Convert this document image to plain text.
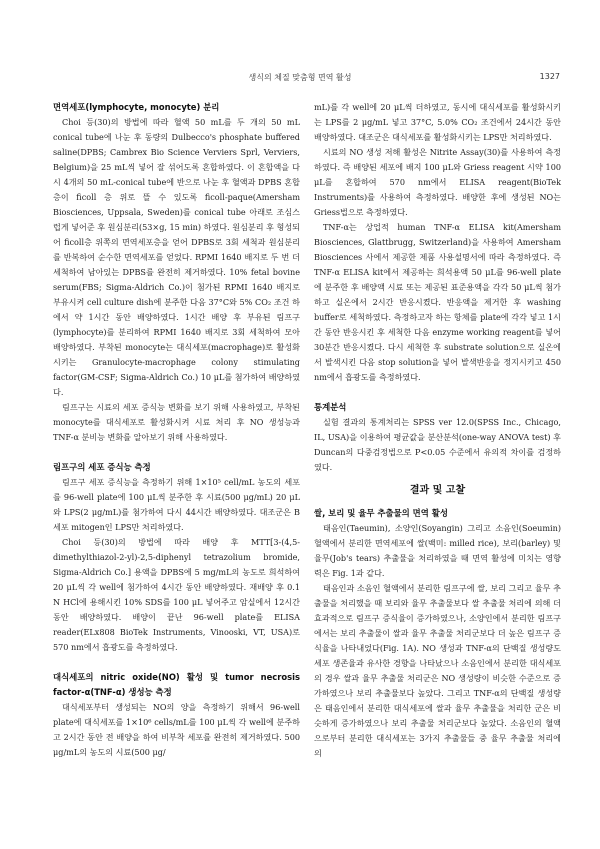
생식의 체질 맞춤형 면역 활성	1327
면역세포(lymphocyte, monocyte) 분리

Choi 등(30)의 방법에 따라 혈액 50 mL를 두 개의 50 mL conical tube에 나눈 후 동량의 Dulbecco's phosphate buffered saline(DPBS; Cambrex Bio Science Verviers Sprl, Verviers, Belgium)을 25 mL씩 넣어 잘 섞어도록 혼합하였다. 이 혼합액을 다시 4개의 50 mL-conical tube에 반으로 나눈 후 혈액과 DPBS 혼합층이 ficoll 층 위로 뜰 수 있도록 ficoll-paque(Amersham Biosciences, Uppsala, Sweden)를 conical tube 아래로 조심스럽게 넣어준 후 원심분리(53×g, 15 min) 하였다. 원심분리 후 형성되어 ficoll층 위쪽의 면역세포층을 얻어 DPBS로 3회 세척과 원심분리를 반복하여 순수한 면역세포를 얻었다. RPMI 1640 배지로 두 번 더 세척하여 남아있는 DPBS를 완전히 제거하였다. 10% fetal bovine serum(FBS; Sigma-Aldrich Co.)이 첨가된 RPMI 1640 배지로 부유시켜 cell culture dish에 분주한 다음 37°C와 5% CO₂ 조건 하에서 약 1시간 동안 배양하였다. 1시간 배양 후 부유된 림프구(lymphocyte)를 분리하여 RPMI 1640 배지로 3회 세척하여 모아 배양하였다. 부착된 monocyte는 대식세포(macrophage)로 활성화시키는 Granulocyte-macrophage colony stimulating factor(GM-CSF; Sigma-Aldrich Co.) 10 μL를 첨가하여 배양하였다.

림프구는 시료의 세포 증식능 변화를 보기 위해 사용하였고, 부착된 monocyte를 대식세포로 활성화시켜 시료 처리 후 NO 생성능과 TNF-α 분비능 변화를 알아보기 위해 사용하였다.

림프구의 세포 증식능 측정

림프구 세포 증식능을 측정하기 위해 1×10⁵ cell/mL 농도의 세포를 96-well plate에 100 μL씩 분주한 후 시료(500 μg/mL) 20 μL와 LPS(2 μg/mL)를 첨가하여 다시 44시간 배양하였다. 대조군은 B세포 mitogen인 LPS만 처리하였다.

Choi 등(30)의 방법에 따라 배양 후 MTT[3-(4,5-dimethylthiazol-2-yl)-2,5-diphenyl tetrazolium bromide, Sigma-Aldrich Co.] 용액을 DPBS에 5 mg/mL의 농도로 희석하여 20 μL씩 각 well에 첨가하여 4시간 동안 배양하였다. 재배양 후 0.1 N HCl에 용해시킨 10% SDS를 100 μL 넣어주고 암실에서 12시간 동안 배양하였다. 배양이 끝난 96-well plate를 ELISA reader(ELx808 BioTek Instruments, Vinooski, VT, USA)로 570 nm에서 흡광도를 측정하였다.

대식세포의 nitric oxide(NO) 활성 및 tumor necrosis factor-α(TNF-α) 생성능 측정

대식세포부터 생성되는 NO의 양을 측정하기 위해서 96-well plate에 대식세포를 1×10⁶ cells/mL를 100 μL씩 각 well에 분주하고 2시간 동안 전 배양을 하여 비부착 세포를 완전히 제거하였다. 500 μg/mL의 농도의 시료(500 μg/

mL)를 각 well에 20 μL씩 더하였고, 동시에 대식세포를 활성화시키는 LPS를 2 μg/mL 넣고 37°C, 5.0% CO₂ 조건에서 24시간 동안 배양하였다. 대조군은 대식세포를 활성화시키는 LPS만 처리하였다.

시료의 NO 생성 저해 활성은 Nitrite Assay(30)를 사용하여 측정하였다. 즉 배양된 세포에 배지 100 μL와 Griess reagent 시약 100 μL를 혼합하여 570 nm에서 ELISA reagent(BioTek Instruments)를 사용하여 측정하였다. 배양한 후에 생성된 NO는 Griess법으로 측정하였다.

TNF-α는 상업적 human TNF-α ELISA kit(Amersham Biosciences, Glattbrugg, Switzerland)을 사용하여 Amersham Biosciences 사에서 제공한 제품 사용설명서에 따라 측정하였다. 즉 TNF-α ELISA kit에서 제공하는 희석용액 50 μL를 96-well plate에 분주한 후 배양액 시료 또는 제공된 표준용액을 각각 50 μL씩 첨가하고 실온에서 2시간 반응시켰다. 반응액을 제거한 후 washing buffer로 세척하였다. 측정하고자 하는 항체를 plate에 각각 넣고 1시간 동안 반응시킨 후 세척한 다음 enzyme working reagent를 넣어 30분간 반응시켰다. 다시 세척한 후 substrate solution으로 실온에서 발색시킨 다음 stop solution을 넣어 발색반응을 정지시키고 450 nm에서 흡광도를 측정하였다.

통계분석

실험 결과의 통계처리는 SPSS ver 12.0(SPSS Inc., Chicago, IL, USA)을 이용하여 평균값을 분산분석(one-way ANOVA test) 후 Duncan의 다중검정법으로 P<0.05 수준에서 유의적 차이를 검정하였다.

결과 및 고찰
쌀, 보리 및 율무 추출물의 면역 활성

태음인(Taeumin), 소양인(Soyangin) 그리고 소음인(Soeumin) 혈액에서 분리한 면역세포에 쌀(백미: milled rice), 보리(barley) 및 율무(Job's tears) 추출물을 처리하였을 때 면역 활성에 미치는 영향력은 Fig. 1과 같다.

태음인과 소음인 혈액에서 분리한 림프구에 쌀, 보리 그리고 율무 추출물을 처리했을 때 보리와 율무 추출물보다 쌀 추출물 처리에 의해 더 효과적으로 림프구 증식율이 증가하였으나, 소양인에서 분리한 림프구에서는 보리 추출물이 쌀과 율무 추출물 처리군보다 더 높은 림프구 증식율을 나타내었다(Fig. 1A). NO 생성과 TNF-α의 단백질 생성량도 세포 생존율과 유사한 경향을 나타났으나 소음인에서 분리한 대식세포의 경우 쌀과 율무 추출물 처리군은 NO 생성량이 비슷한 수준으로 증가하였으나 보리 추출물보다 높았다. 그리고 TNF-α의 단백질 생성량은 태음인에서 분리한 대식세포에 쌀과 율무 추출물을 처리한 군은 비슷하게 증가하였으나 보리 추출물 처리군보다 높았다. 소음인의 혈액으로부터 분리한 대식세포는 3가지 추출물들 중 율무 추출물 처리에 의
